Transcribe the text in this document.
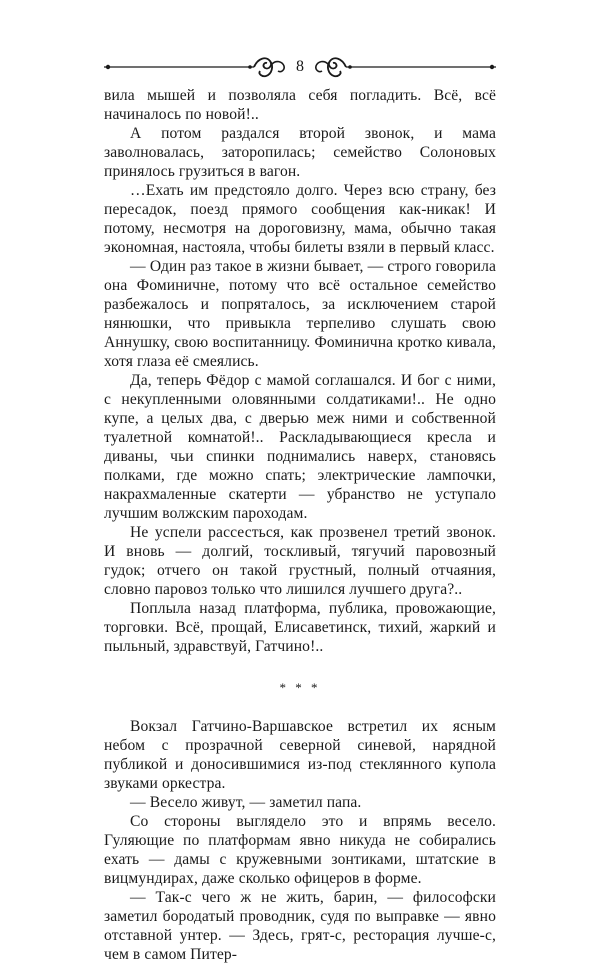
8

вила мышей и позволяла себя погладить. Всё, всё начиналось по новой!..

А потом раздался второй звонок, и мама заволновалась, заторопилась; семейство Солоновых принялось грузиться в вагон.

…Ехать им предстояло долго. Через всю страну, без пересадок, поезд прямого сообщения как-никак! И потому, несмотря на дороговизну, мама, обычно такая экономная, настояла, чтобы билеты взяли в первый класс.

— Один раз такое в жизни бывает, — строго говорила она Фоминичне, потому что всё остальное семейство разбежалось и попряталось, за исключением старой нянюшки, что привыкла терпеливо слушать свою Аннушку, свою воспитанницу. Фоминична кротко кивала, хотя глаза её смеялись.

Да, теперь Фёдор с мамой соглашался. И бог с ними, с некупленными оловянными солдатиками!.. Не одно купе, а целых два, с дверью меж ними и собственной туалетной комнатой!.. Раскладывающиеся кресла и диваны, чьи спинки поднимались наверх, становясь полками, где можно спать; электрические лампочки, накрахмаленные скатерти — убранство не уступало лучшим волжским пароходам.

Не успели рассесться, как прозвенел третий звонок. И вновь — долгий, тоскливый, тягучий паровозный гудок; отчего он такой грустный, полный отчаяния, словно паровоз только что лишился лучшего друга?..

Поплыла назад платформа, публика, провожающие, торговки. Всё, прощай, Елисаветинск, тихий, жаркий и пыльный, здравствуй, Гатчино!..

* * *

Вокзал Гатчино-Варшавское встретил их ясным небом с прозрачной северной синевой, нарядной публикой и доносившимися из-под стеклянного купола звуками оркестра.

— Весело живут, — заметил папа.

Со стороны выглядело это и впрямь весело. Гуляющие по платформам явно никуда не собирались ехать — дамы с кружевными зонтиками, штатские в вицмундирах, даже сколько офицеров в форме.

— Так-с чего ж не жить, барин, — философски заметил бородатый проводник, судя по выправке — явно отставной унтер. — Здесь, грят-с, ресторация лучше-с, чем в самом Питер-
